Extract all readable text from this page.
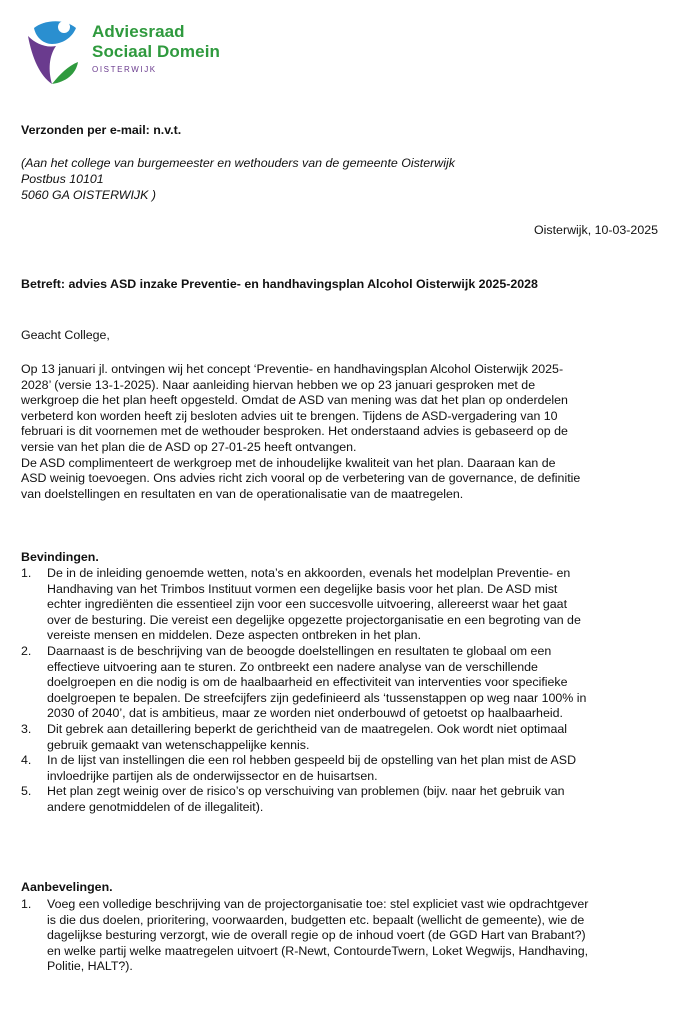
Adviesraad
Sociaal Domein
OISTERWIJK
Verzonden per e-mail: n.v.t.
(Aan het college van burgemeester en wethouders van de gemeente Oisterwijk
Postbus 10101
5060 GA OISTERWIJK )
Oisterwijk, 10-03-2025
Betreft: advies ASD inzake Preventie- en handhavingsplan Alcohol Oisterwijk 2025-2028
Geacht College,
Op 13 januari jl. ontvingen wij het concept ‘Preventie- en handhavingsplan Alcohol Oisterwijk 2025-
2028’ (versie 13-1-2025). Naar aanleiding hiervan hebben we op 23 januari gesproken met de
werkgroep die het plan heeft opgesteld. Omdat de ASD van mening was dat het plan op onderdelen
verbeterd kon worden heeft zij besloten advies uit te brengen. Tijdens de ASD-vergadering van 10
februari is dit voornemen met de wethouder besproken. Het onderstaand advies is gebaseerd op de
versie van het plan die de ASD op 27-01-25 heeft ontvangen.
De ASD complimenteert de werkgroep met de inhoudelijke kwaliteit van het plan. Daaraan kan de
ASD weinig toevoegen. Ons advies richt zich vooral op de verbetering van de governance, de definitie
van doelstellingen en resultaten en van de operationalisatie van de maatregelen.
Bevindingen.
1. De in de inleiding genoemde wetten, nota’s en akkoorden, evenals het modelplan Preventie- en
Handhaving van het Trimbos Instituut vormen een degelijke basis voor het plan. De ASD mist
echter ingrediënten die essentieel zijn voor een succesvolle uitvoering, allereerst waar het gaat
over de besturing. Die vereist een degelijke opgezette projectorganisatie en een begroting van de
vereiste mensen en middelen. Deze aspecten ontbreken in het plan.
2. Daarnaast is de beschrijving van de beoogde doelstellingen en resultaten te globaal om een
effectieve uitvoering aan te sturen. Zo ontbreekt een nadere analyse van de verschillende
doelgroepen en die nodig is om de haalbaarheid en effectiviteit van interventies voor specifieke
doelgroepen te bepalen. De streefcijfers zijn gedefinieerd als ‘tussenstappen op weg naar 100% in
2030 of 2040’, dat is ambitieus, maar ze worden niet onderbouwd of getoetst op haalbaarheid.
3. Dit gebrek aan detaillering beperkt de gerichtheid van de maatregelen. Ook wordt niet optimaal
gebruik gemaakt van wetenschappelijke kennis.
4. In de lijst van instellingen die een rol hebben gespeeld bij de opstelling van het plan mist de ASD
invloedrijke partijen als de onderwijssector en de huisartsen.
5. Het plan zegt weinig over de risico’s op verschuiving van problemen (bijv. naar het gebruik van
andere genotmiddelen of de illegaliteit).
Aanbevelingen.
1. Voeg een volledige beschrijving van de projectorganisatie toe: stel expliciet vast wie opdrachtgever
is die dus doelen, prioritering, voorwaarden, budgetten etc. bepaalt (wellicht de gemeente), wie de
dagelijkse besturing verzorgt, wie de overall regie op de inhoud voert (de GGD Hart van Brabant?)
en welke partij welke maatregelen uitvoert (R-Newt, ContourdeTwern, Loket Wegwijs, Handhaving,
Politie, HALT?).
